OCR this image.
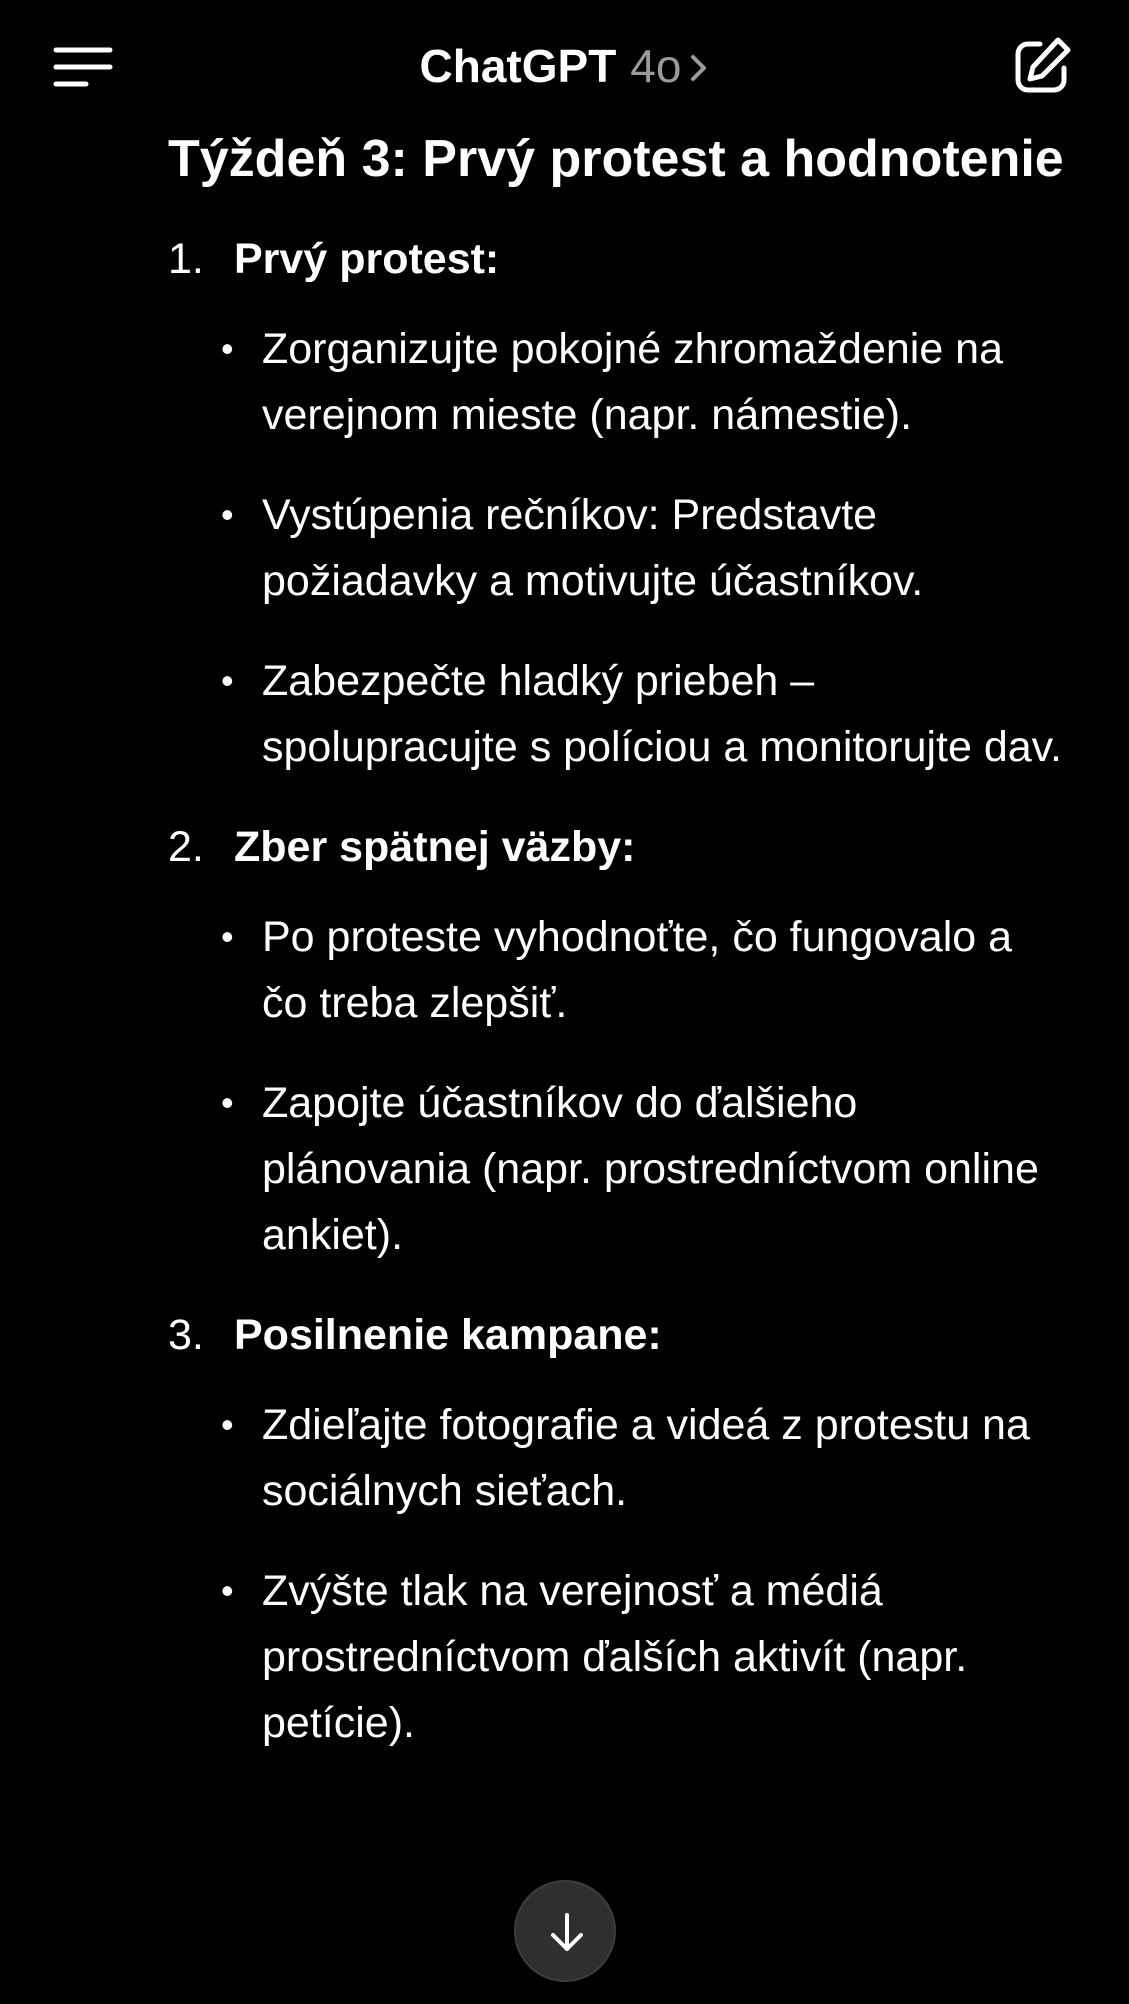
ChatGPT 4o
Týždeň 3: Prvý protest a hodnotenie
1. Prvý protest:
• Zorganizujte pokojné zhromaždenie na verejnom mieste (napr. námestie).
• Vystúpenia rečníkov: Predstavte požiadavky a motivujte účastníkov.
• Zabezpečte hladký priebeh – spolupracujte s políciou a monitorujte dav.
2. Zber spätnej väzby:
• Po proteste vyhodnoťte, čo fungovalo a čo treba zlepšiť.
• Zapojte účastníkov do ďalšieho plánovania (napr. prostredníctvom online ankiet).
3. Posilnenie kampane:
• Zdieľajte fotografie a videá z protestu na sociálnych sieťach.
• Zvýšte tlak na verejnosť a médiá prostredníctvom ďalších aktivít (napr. petície).
